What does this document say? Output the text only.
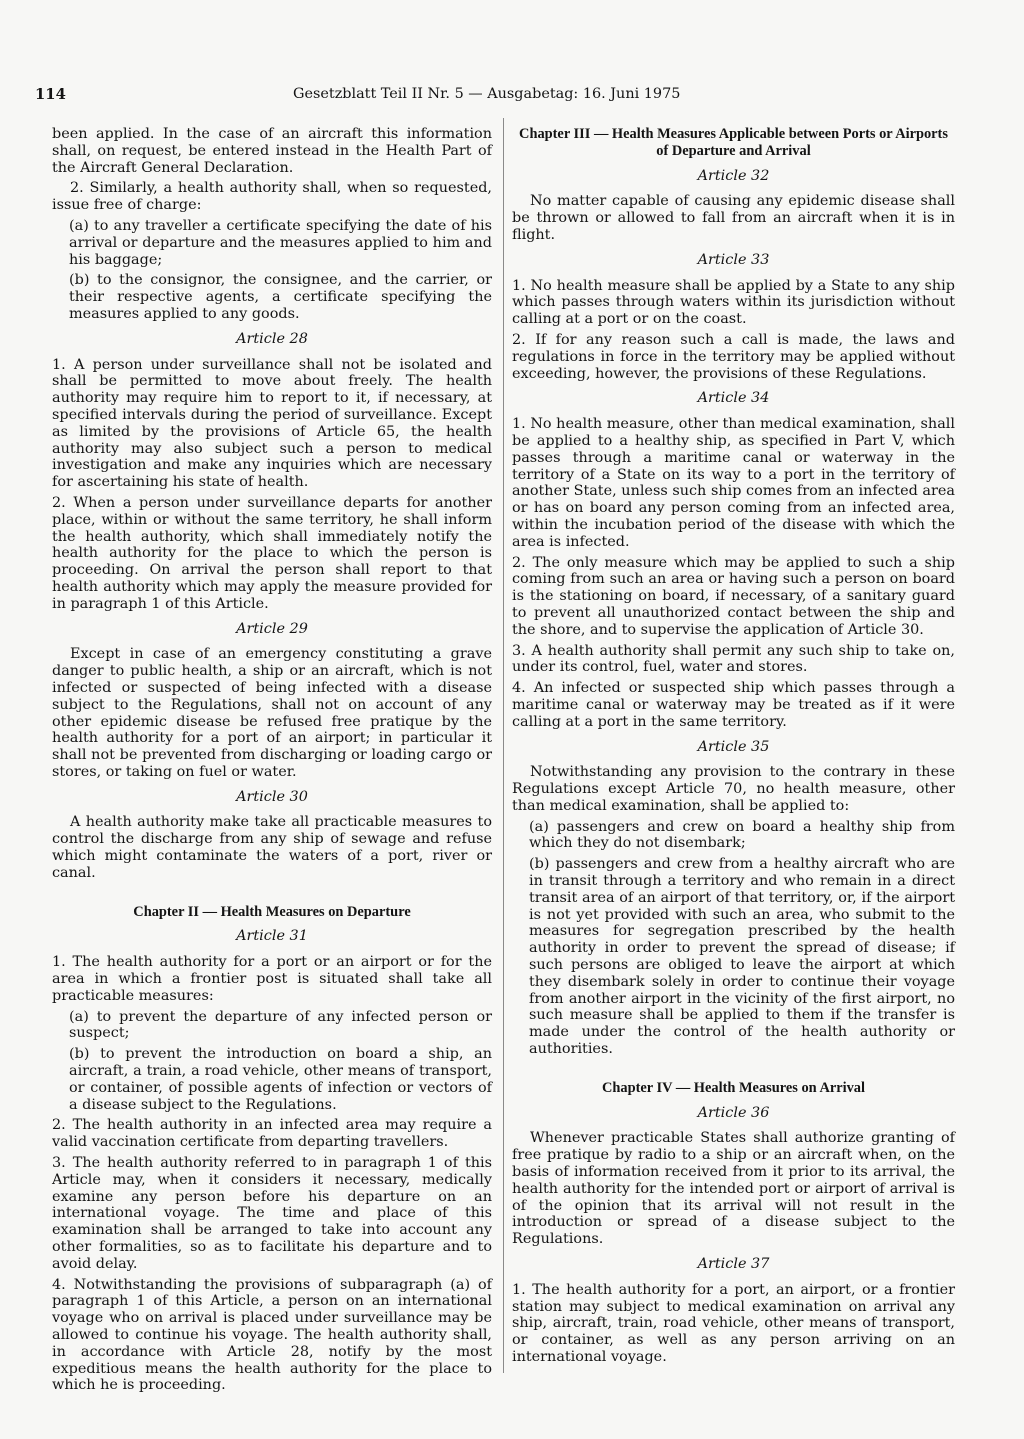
114	Gesetzblatt Teil II Nr. 5 — Ausgabetag: 16. Juni 1975

been applied. In the case of an aircraft this information shall, on request, be entered instead in the Health Part of the Aircraft General Declaration.

2. Similarly, a health authority shall, when so requested, issue free of charge:

(a) to any traveller a certificate specifying the date of his arrival or departure and the measures applied to him and his baggage;

(b) to the consignor, the consignee, and the carrier, or their respective agents, a certificate specifying the measures applied to any goods.

Article 28

1. A person under surveillance shall not be isolated and shall be permitted to move about freely. The health authority may require him to report to it, if necessary, at specified intervals during the period of surveillance. Except as limited by the provisions of Article 65, the health authority may also subject such a person to medical investigation and make any inquiries which are necessary for ascertaining his state of health.

2. When a person under surveillance departs for another place, within or without the same territory, he shall inform the health authority, which shall immediately notify the health authority for the place to which the person is proceeding. On arrival the person shall report to that health authority which may apply the measure provided for in paragraph 1 of this Article.

Article 29

Except in case of an emergency constituting a grave danger to public health, a ship or an aircraft, which is not infected or suspected of being infected with a disease subject to the Regulations, shall not on account of any other epidemic disease be refused free pratique by the health authority for a port of an airport; in particular it shall not be prevented from discharging or loading cargo or stores, or taking on fuel or water.

Article 30

A health authority make take all practicable measures to control the discharge from any ship of sewage and refuse which might contaminate the waters of a port, river or canal.

Chapter II — Health Measures on Departure
Article 31

1. The health authority for a port or an airport or for the area in which a frontier post is situated shall take all practicable measures:

(a) to prevent the departure of any infected person or suspect;

(b) to prevent the introduction on board a ship, an aircraft, a train, a road vehicle, other means of transport, or container, of possible agents of infection or vectors of a disease subject to the Regulations.

2. The health authority in an infected area may require a valid vaccination certificate from departing travellers.

3. The health authority referred to in paragraph 1 of this Article may, when it considers it necessary, medically examine any person before his departure on an international voyage. The time and place of this examination shall be arranged to take into account any other formalities, so as to facilitate his departure and to avoid delay.

4. Notwithstanding the provisions of subparagraph (a) of paragraph 1 of this Article, a person on an international voyage who on arrival is placed under surveillance may be allowed to continue his voyage. The health authority shall, in accordance with Article 28, notify by the most expeditious means the health authority for the place to which he is proceeding.

Chapter III — Health Measures Applicable between Ports or Airports of Departure and Arrival
Article 32

No matter capable of causing any epidemic disease shall be thrown or allowed to fall from an aircraft when it is in flight.

Article 33

1. No health measure shall be applied by a State to any ship which passes through waters within its jurisdiction without calling at a port or on the coast.

2. If for any reason such a call is made, the laws and regulations in force in the territory may be applied without exceeding, however, the provisions of these Regulations.

Article 34

1. No health measure, other than medical examination, shall be applied to a healthy ship, as specified in Part V, which passes through a maritime canal or waterway in the territory of a State on its way to a port in the territory of another State, unless such ship comes from an infected area or has on board any person coming from an infected area, within the incubation period of the disease with which the area is infected.

2. The only measure which may be applied to such a ship coming from such an area or having such a person on board is the stationing on board, if necessary, of a sanitary guard to prevent all unauthorized contact between the ship and the shore, and to supervise the application of Article 30.

3. A health authority shall permit any such ship to take on, under its control, fuel, water and stores.

4. An infected or suspected ship which passes through a maritime canal or waterway may be treated as if it were calling at a port in the same territory.

Article 35

Notwithstanding any provision to the contrary in these Regulations except Article 70, no health measure, other than medical examination, shall be applied to:

(a) passengers and crew on board a healthy ship from which they do not disembark;

(b) passengers and crew from a healthy aircraft who are in transit through a territory and who remain in a direct transit area of an airport of that territory, or, if the airport is not yet provided with such an area, who submit to the measures for segregation prescribed by the health authority in order to prevent the spread of disease; if such persons are obliged to leave the airport at which they disembark solely in order to continue their voyage from another airport in the vicinity of the first airport, no such measure shall be applied to them if the transfer is made under the control of the health authority or authorities.

Chapter IV — Health Measures on Arrival
Article 36

Whenever practicable States shall authorize granting of free pratique by radio to a ship or an aircraft when, on the basis of information received from it prior to its arrival, the health authority for the intended port or airport of arrival is of the opinion that its arrival will not result in the introduction or spread of a disease subject to the Regulations.

Article 37

1. The health authority for a port, an airport, or a frontier station may subject to medical examination on arrival any ship, aircraft, train, road vehicle, other means of transport, or container, as well as any person arriving on an international voyage.
